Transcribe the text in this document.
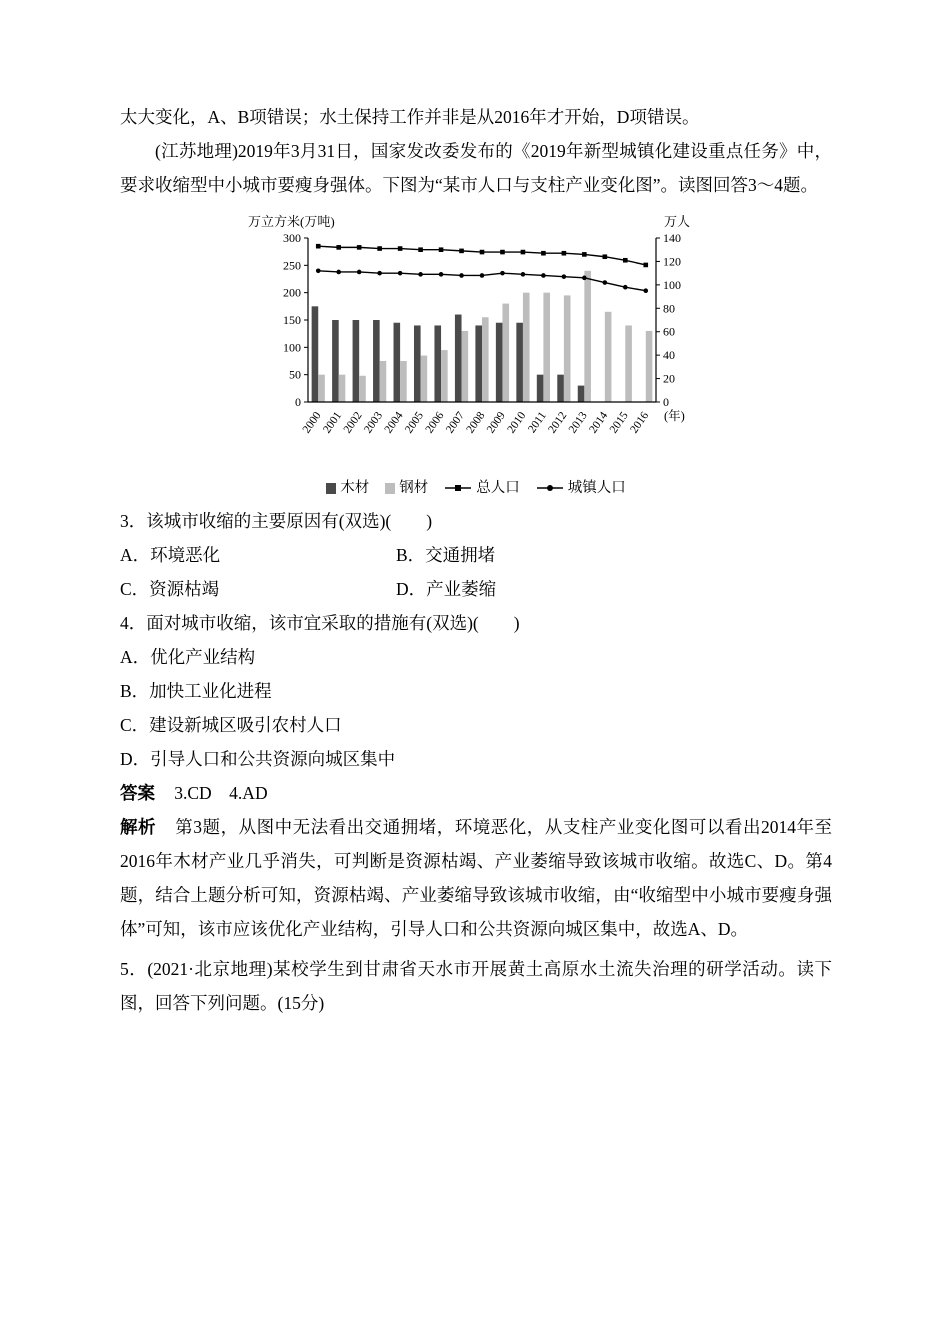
太大变化，A、B项错误；水土保持工作并非是从2016年才开始，D项错误。

(江苏地理)2019年3月31日，国家发改委发布的《2019年新型城镇化建设重点任务》中，要求收缩型中小城市要瘦身强体。下图为“某市人口与支柱产业变化图”。读图回答3～4题。

0
50
100
150
200
250
300
0
20
40
60
80
100
120
140
2000
2001
2002
2003
2004
2005
2006
2007
2008
2009
2010
2011
2012
2013
2014
2015
2016
万立方米(万吨)	万人
(年)
木材 钢材	总人口	城镇人口

3．该城市收缩的主要原因有(双选)(　　)

A．环境恶化	B．交通拥堵

C．资源枯竭	D．产业萎缩

4．面对城市收缩，该市宜采取的措施有(双选)(　　)

A．优化产业结构

B．加快工业化进程

C．建设新城区吸引农村人口

D．引导人口和公共资源向城区集中

答案 3.CD　4.AD

解析 第3题，从图中无法看出交通拥堵，环境恶化，从支柱产业变化图可以看出2014年至2016年木材产业几乎消失，可判断是资源枯竭、产业萎缩导致该城市收缩。故选C、D。第4题，结合上题分析可知，资源枯竭、产业萎缩导致该城市收缩，由“收缩型中小城市要瘦身强体”可知，该市应该优化产业结构，引导人口和公共资源向城区集中，故选A、D。

5．(2021·北京地理)某校学生到甘肃省天水市开展黄土高原水土流失治理的研学活动。读下图，回答下列问题。(15分)
